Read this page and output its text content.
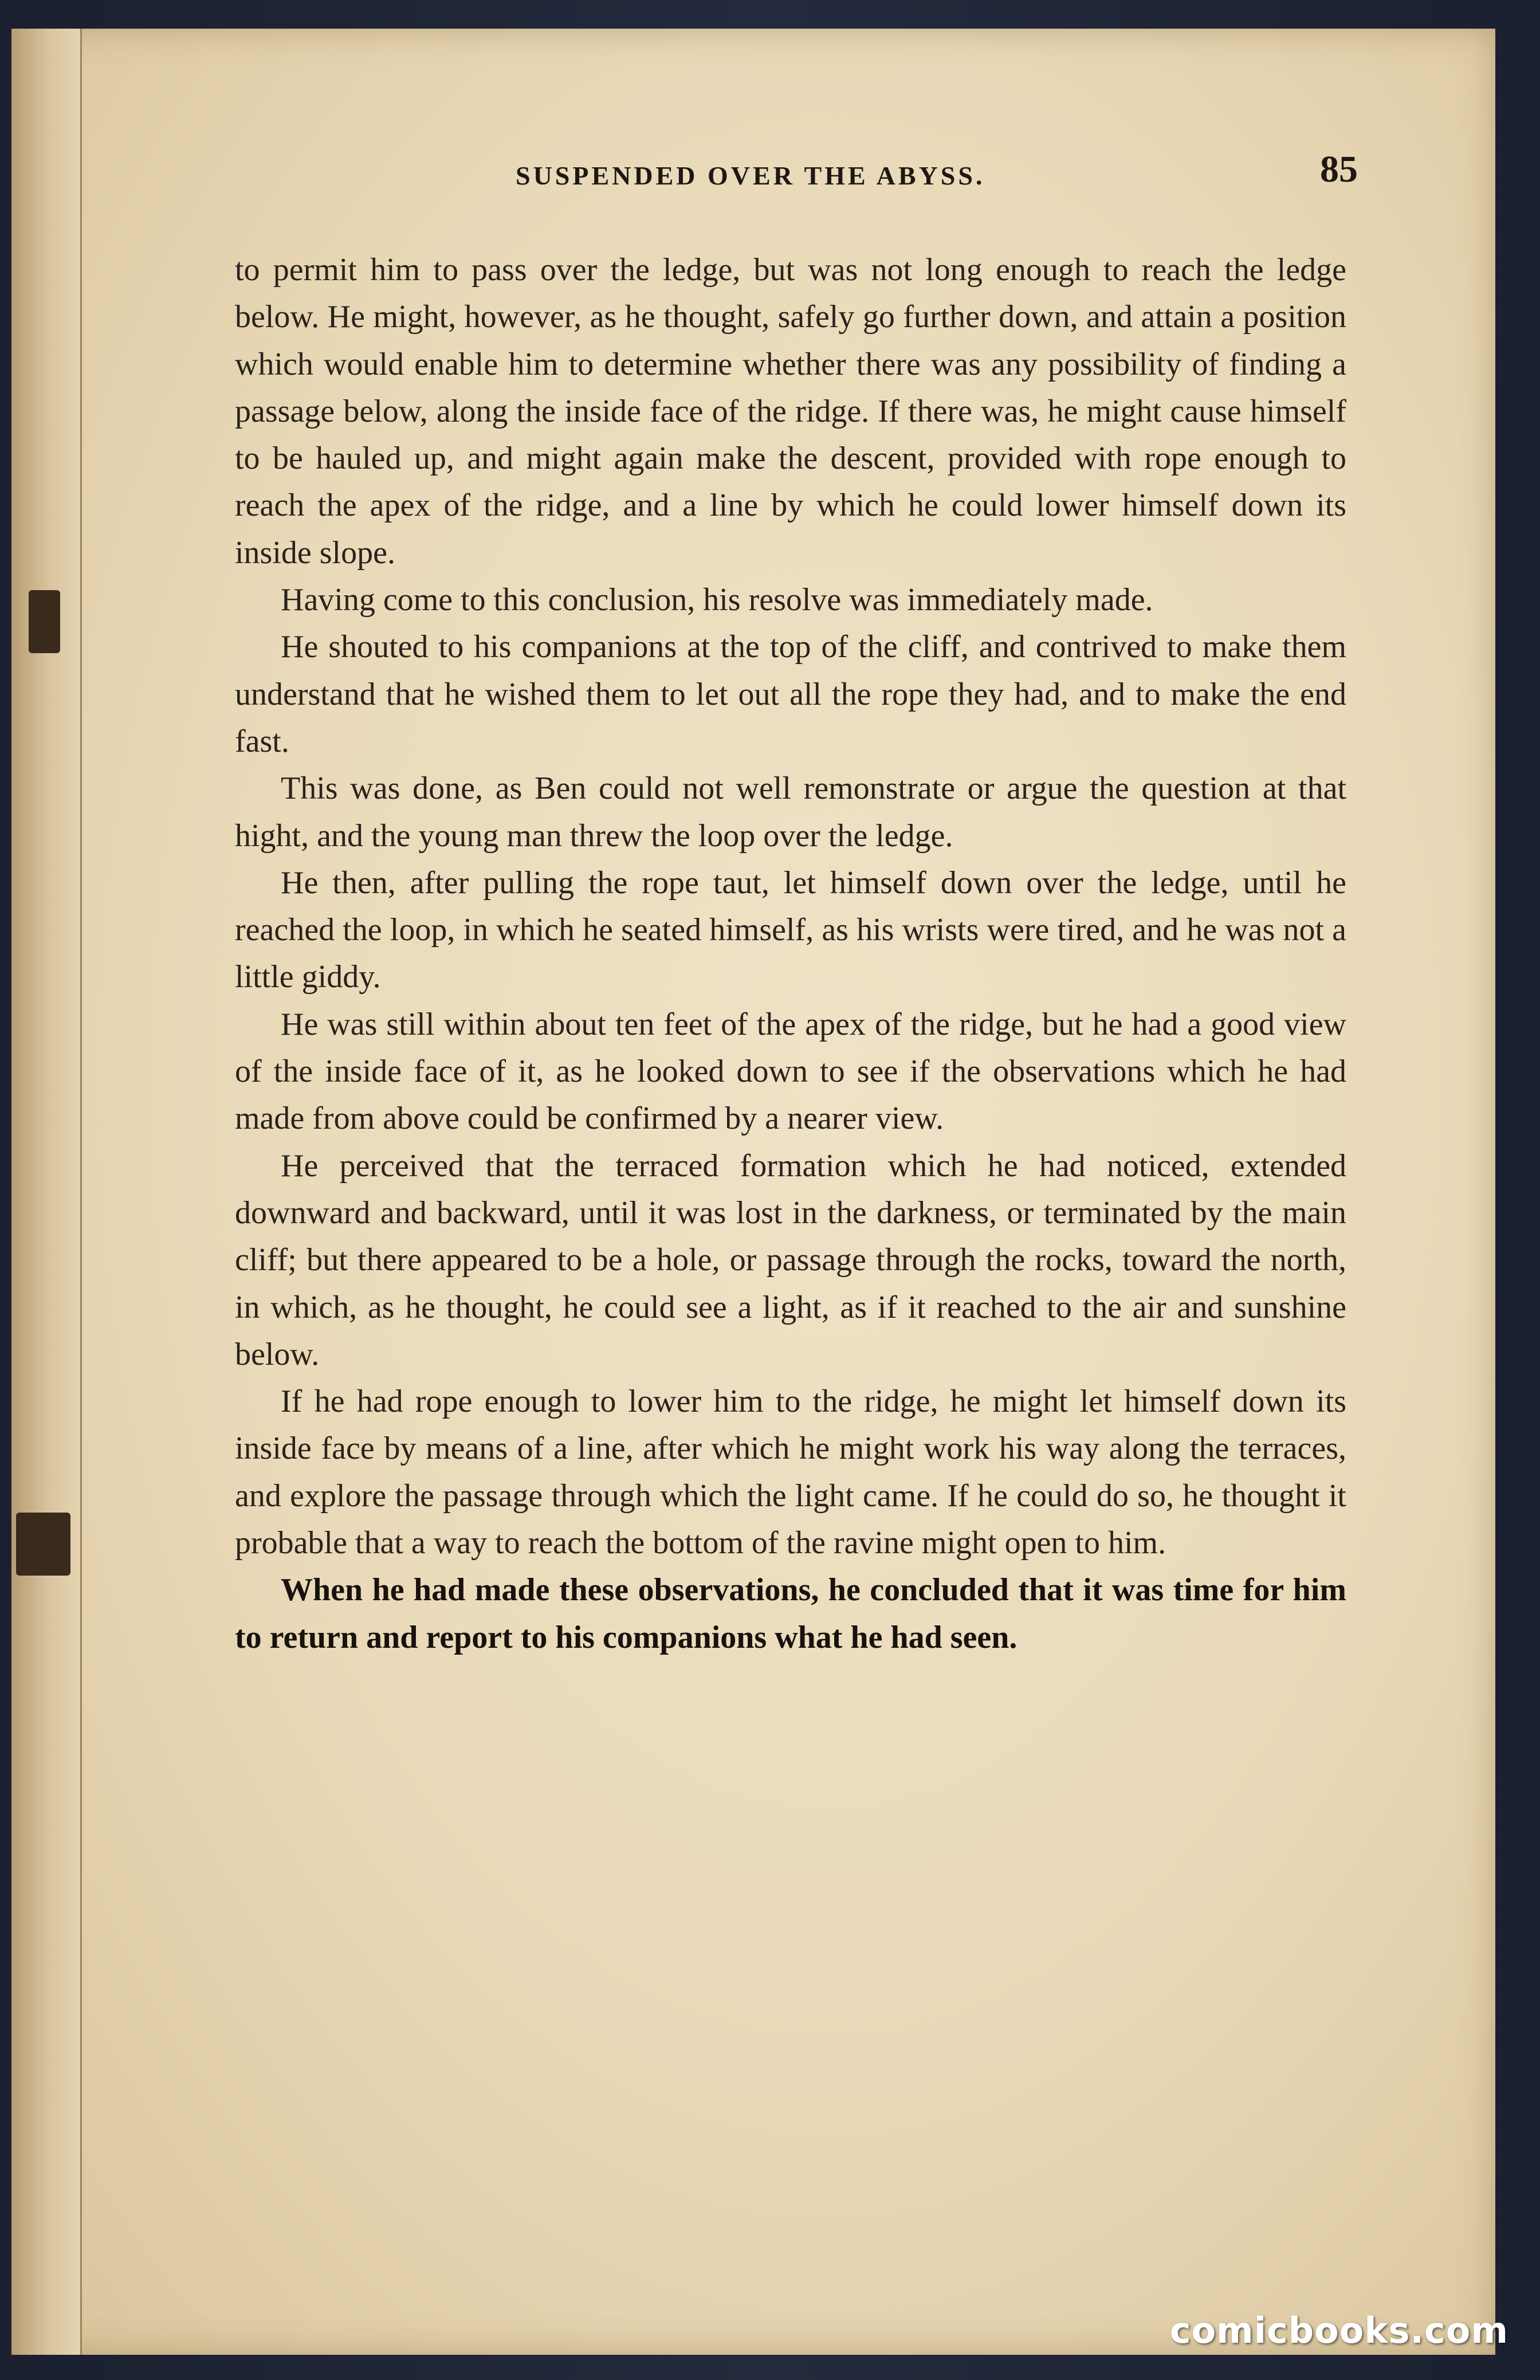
SUSPENDED OVER THE ABYSS.	85

to permit him to pass over the ledge, but was not long enough to reach the ledge below. He might, however, as he thought, safely go further down, and attain a position which would enable him to determine whether there was any possibility of finding a passage below, along the inside face of the ridge. If there was, he might cause himself to be hauled up, and might again make the descent, provided with rope enough to reach the apex of the ridge, and a line by which he could lower himself down its inside slope.

Having come to this conclusion, his resolve was immediately made.

He shouted to his companions at the top of the cliff, and contrived to make them understand that he wished them to let out all the rope they had, and to make the end fast.

This was done, as Ben could not well remonstrate or argue the question at that hight, and the young man threw the loop over the ledge.

He then, after pulling the rope taut, let himself down over the ledge, until he reached the loop, in which he seated himself, as his wrists were tired, and he was not a little giddy.

He was still within about ten feet of the apex of the ridge, but he had a good view of the inside face of it, as he looked down to see if the observations which he had made from above could be confirmed by a nearer view.

He perceived that the terraced formation which he had noticed, extended downward and backward, until it was lost in the darkness, or terminated by the main cliff; but there appeared to be a hole, or passage through the rocks, toward the north, in which, as he thought, he could see a light, as if it reached to the air and sunshine below.

If he had rope enough to lower him to the ridge, he might let himself down its inside face by means of a line, after which he might work his way along the terraces, and explore the passage through which the light came. If he could do so, he thought it probable that a way to reach the bottom of the ravine might open to him.

When he had made these observations, he concluded that it was time for him to return and report to his companions what he had seen.

comicbooks.com
